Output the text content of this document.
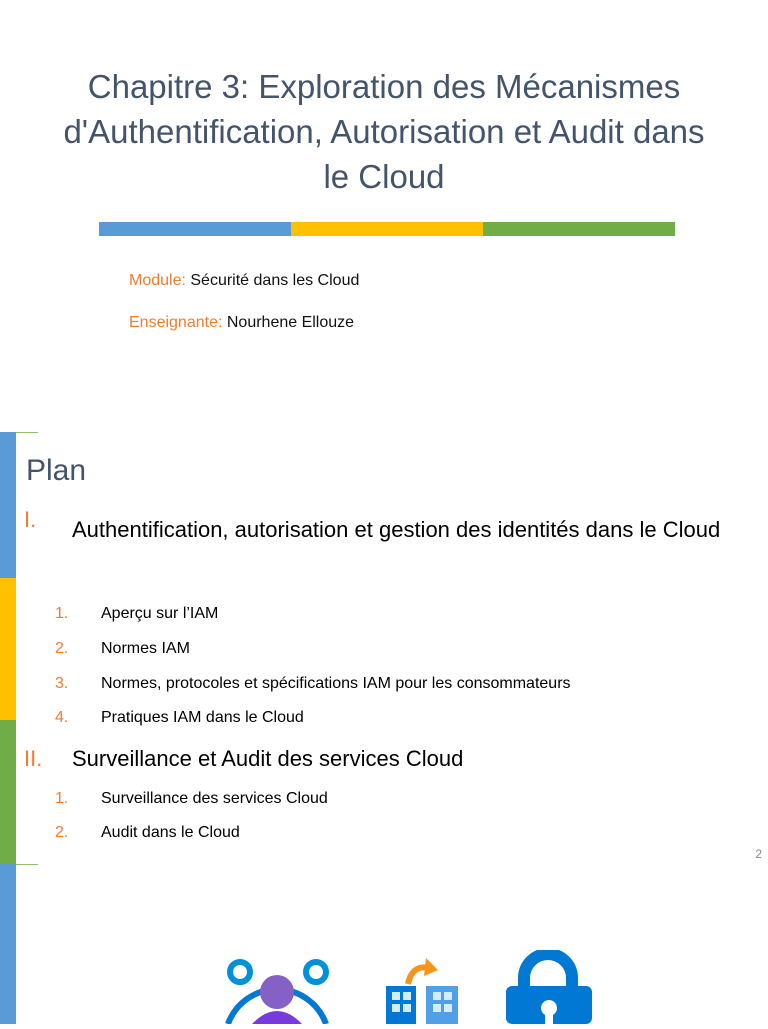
Chapitre 3: Exploration des Mécanismes d'Authentification, Autorisation et Audit dans le Cloud
Module: Sécurité dans les Cloud
Enseignante: Nourhene Ellouze
Plan
I. Authentification, autorisation et gestion des identités dans le Cloud
1. Aperçu sur l’IAM
2. Normes IAM
3. Normes, protocoles et spécifications IAM pour les consommateurs
4. Pratiques IAM dans le Cloud
II. Surveillance et Audit des services Cloud
1. Surveillance des services Cloud
2. Audit dans le Cloud
2
